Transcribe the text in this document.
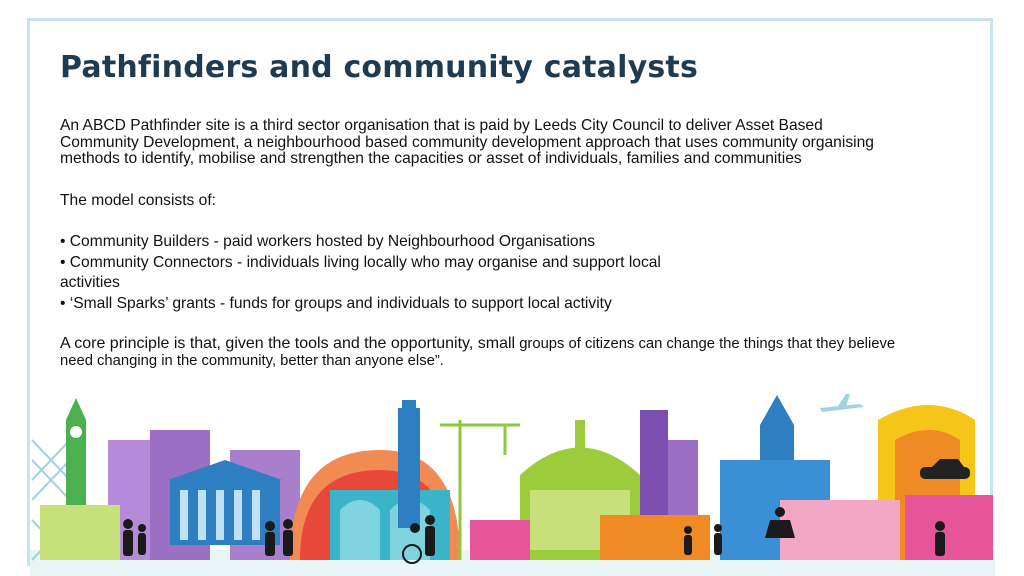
Pathfinders and community catalysts
An ABCD Pathfinder site is a third sector organisation that is paid by Leeds City Council to deliver Asset Based
Community Development, a neighbourhood based community development approach that uses community organising
methods to identify, mobilise and strengthen the capacities or asset of individuals, families and communities
The model consists of:
• Community Builders - paid workers hosted by Neighbourhood Organisations
• Community Connectors - individuals living locally who may organise and support local
activities
• ‘Small Sparks’ grants - funds for groups and individuals to support local activity
A core principle is that, given the tools and the opportunity, small groups of citizens can change the things that they believe
need changing in the community, better than anyone else”.
